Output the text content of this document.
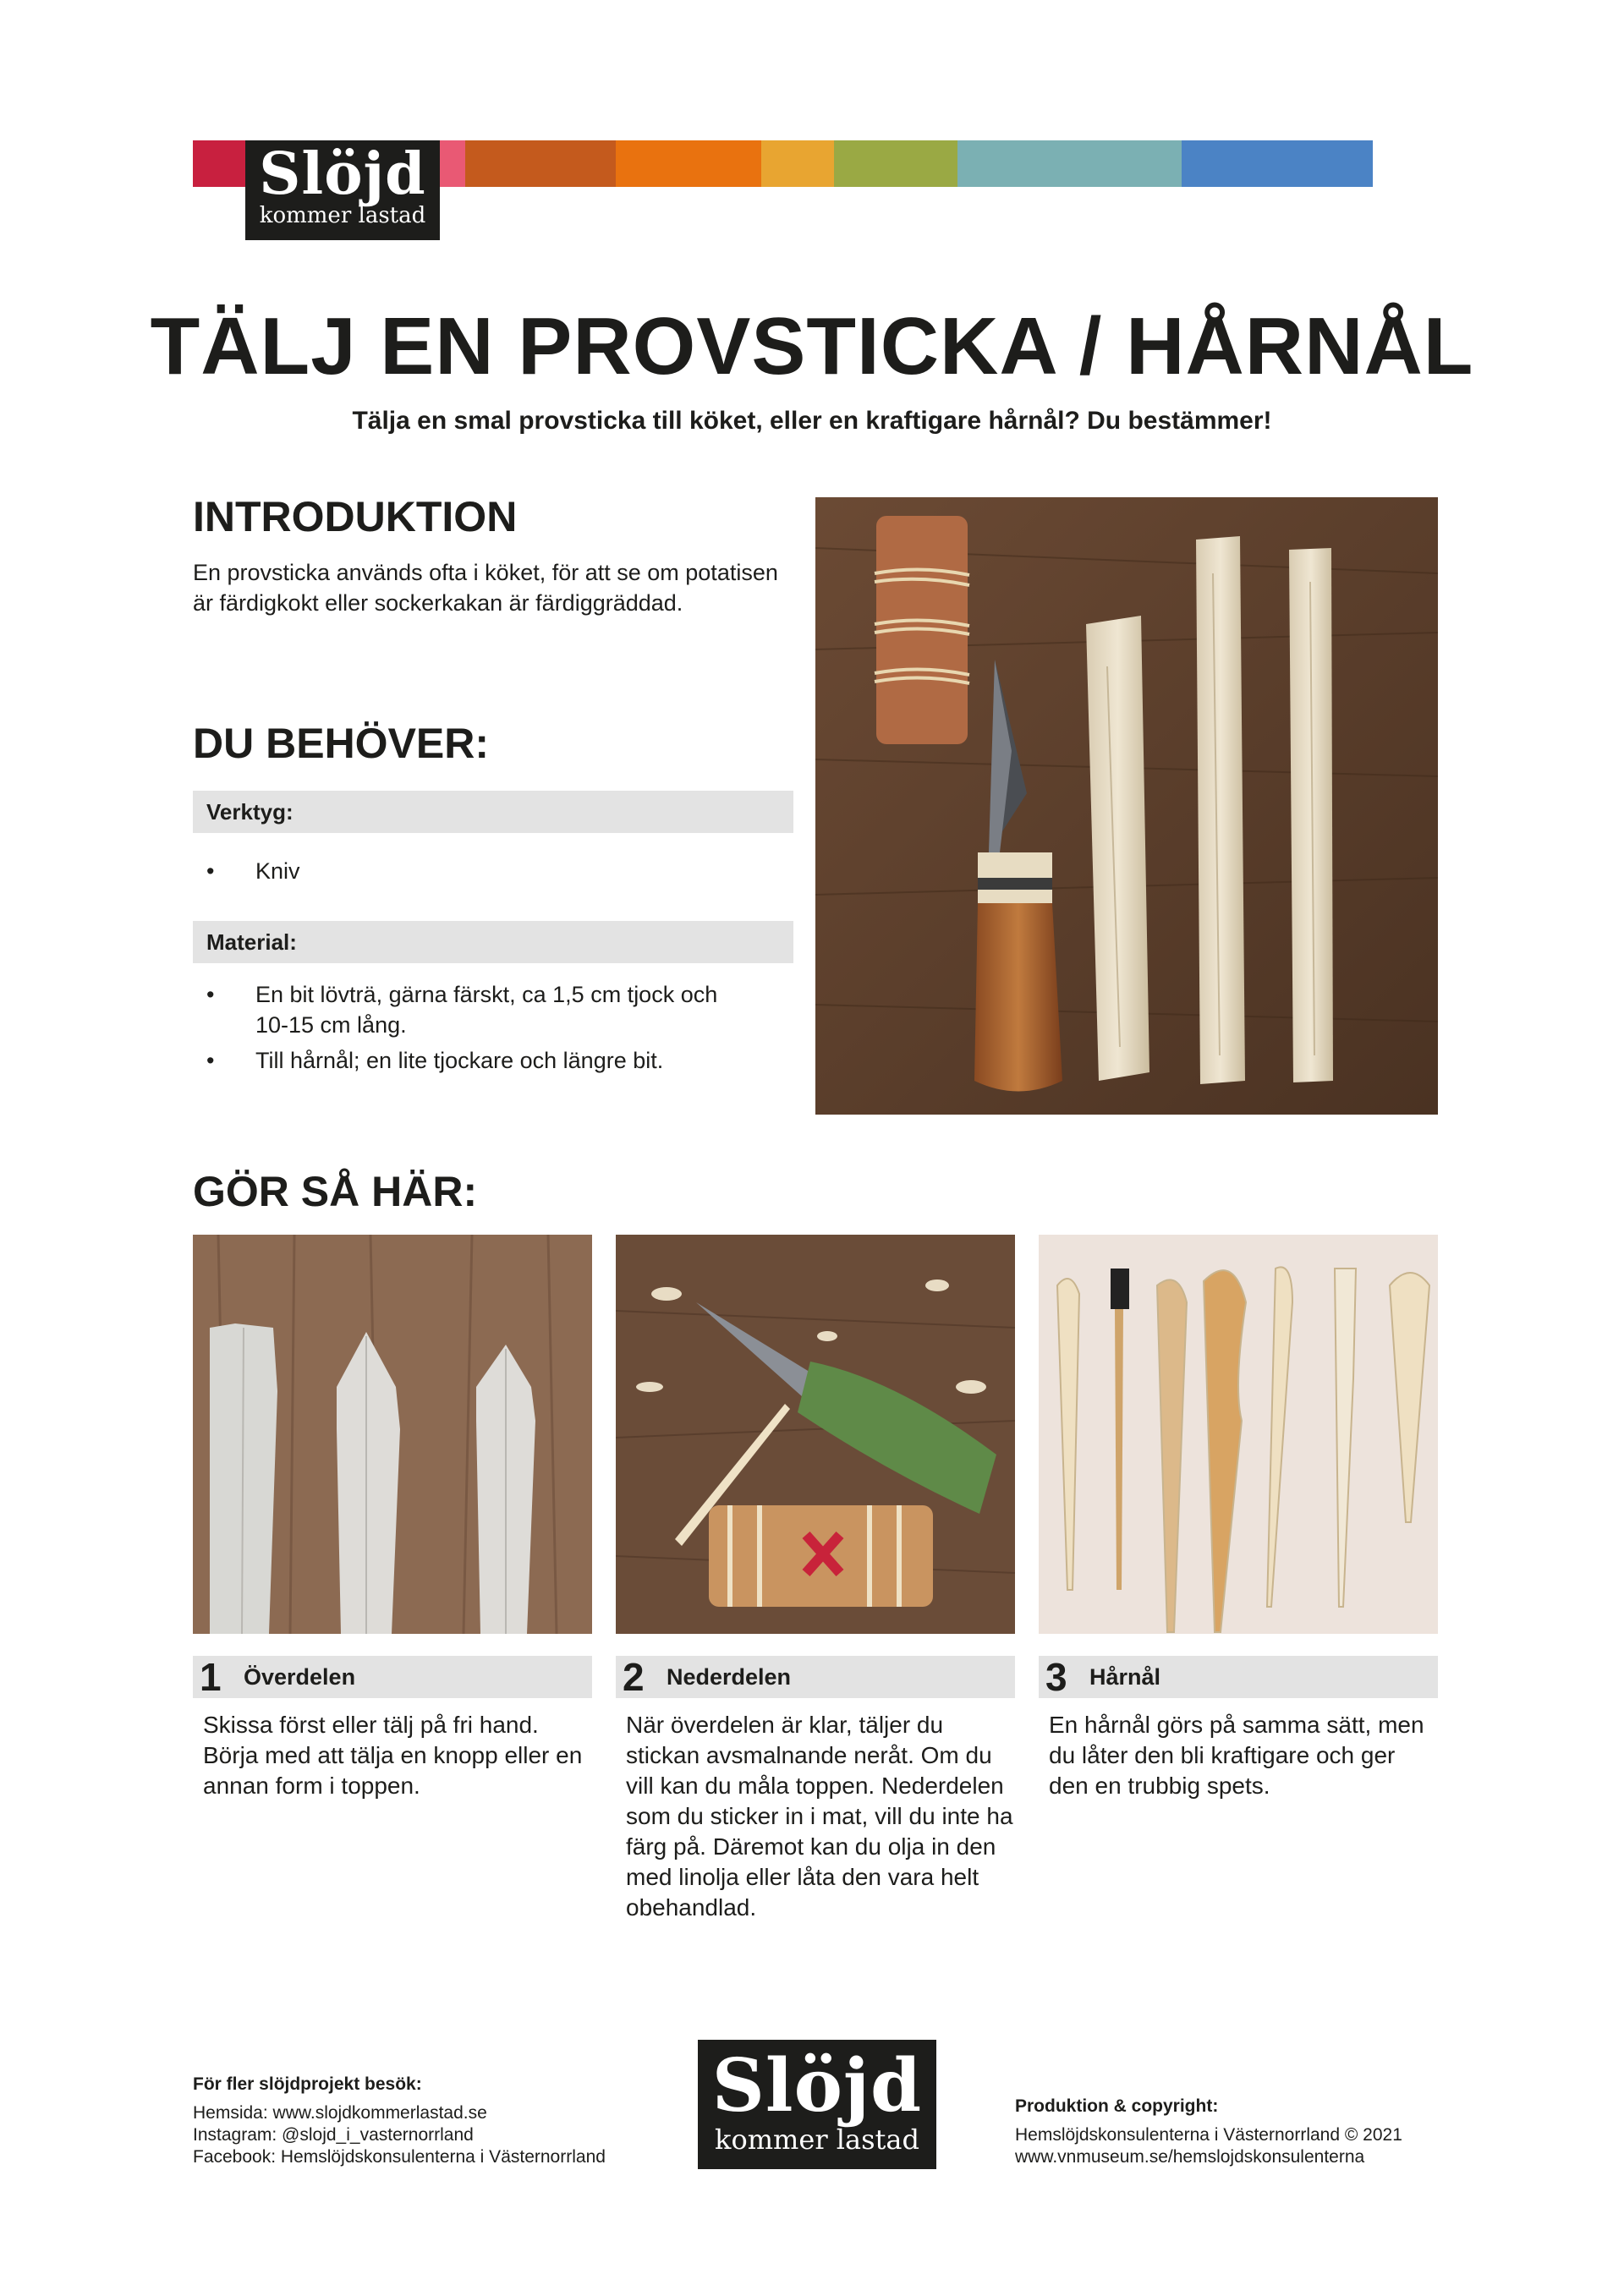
Slöjd
kommer lastad
TÄLJ EN PROVSTICKA / HÅRNÅL
Tälja en smal provsticka till köket, eller en kraftigare hårnål? Du bestämmer!
INTRODUKTION
En provsticka används ofta i köket, för att se om potatisen
är färdigkokt eller sockerkakan är färdiggräddad.
DU BEHÖVER:
Verktyg:
• Kniv
Material:
• En bit lövträ, gärna färskt, ca 1,5 cm tjock och
10-15 cm lång.
• Till hårnål; en lite tjockare och längre bit.
GÖR SÅ HÄR:
1 Överdelen	2 Nederdelen	3 Hårnål
Skissa först eller tälj på fri hand.
Börja med att tälja en knopp eller en
annan form i toppen.
När överdelen är klar, täljer du
stickan avsmalnande neråt. Om du
vill kan du måla toppen. Nederdelen
som du sticker in i mat, vill du inte ha
färg på. Däremot kan du olja in den
med linolja eller låta den vara helt
obehandlad.
En hårnål görs på samma sätt, men
du låter den bli kraftigare och ger
den en trubbig spets.
För fler slöjdprojekt besök:
Hemsida: www.slojdkommerlastad.se
Instagram: @slojd_i_vasternorrland
Facebook: Hemslöjdskonsulenterna i Västernorrland
Slöjd
kommer lastad
Produktion & copyright:
Hemslöjdskonsulenterna i Västernorrland © 2021
www.vnmuseum.se/hemslojdskonsulenterna
